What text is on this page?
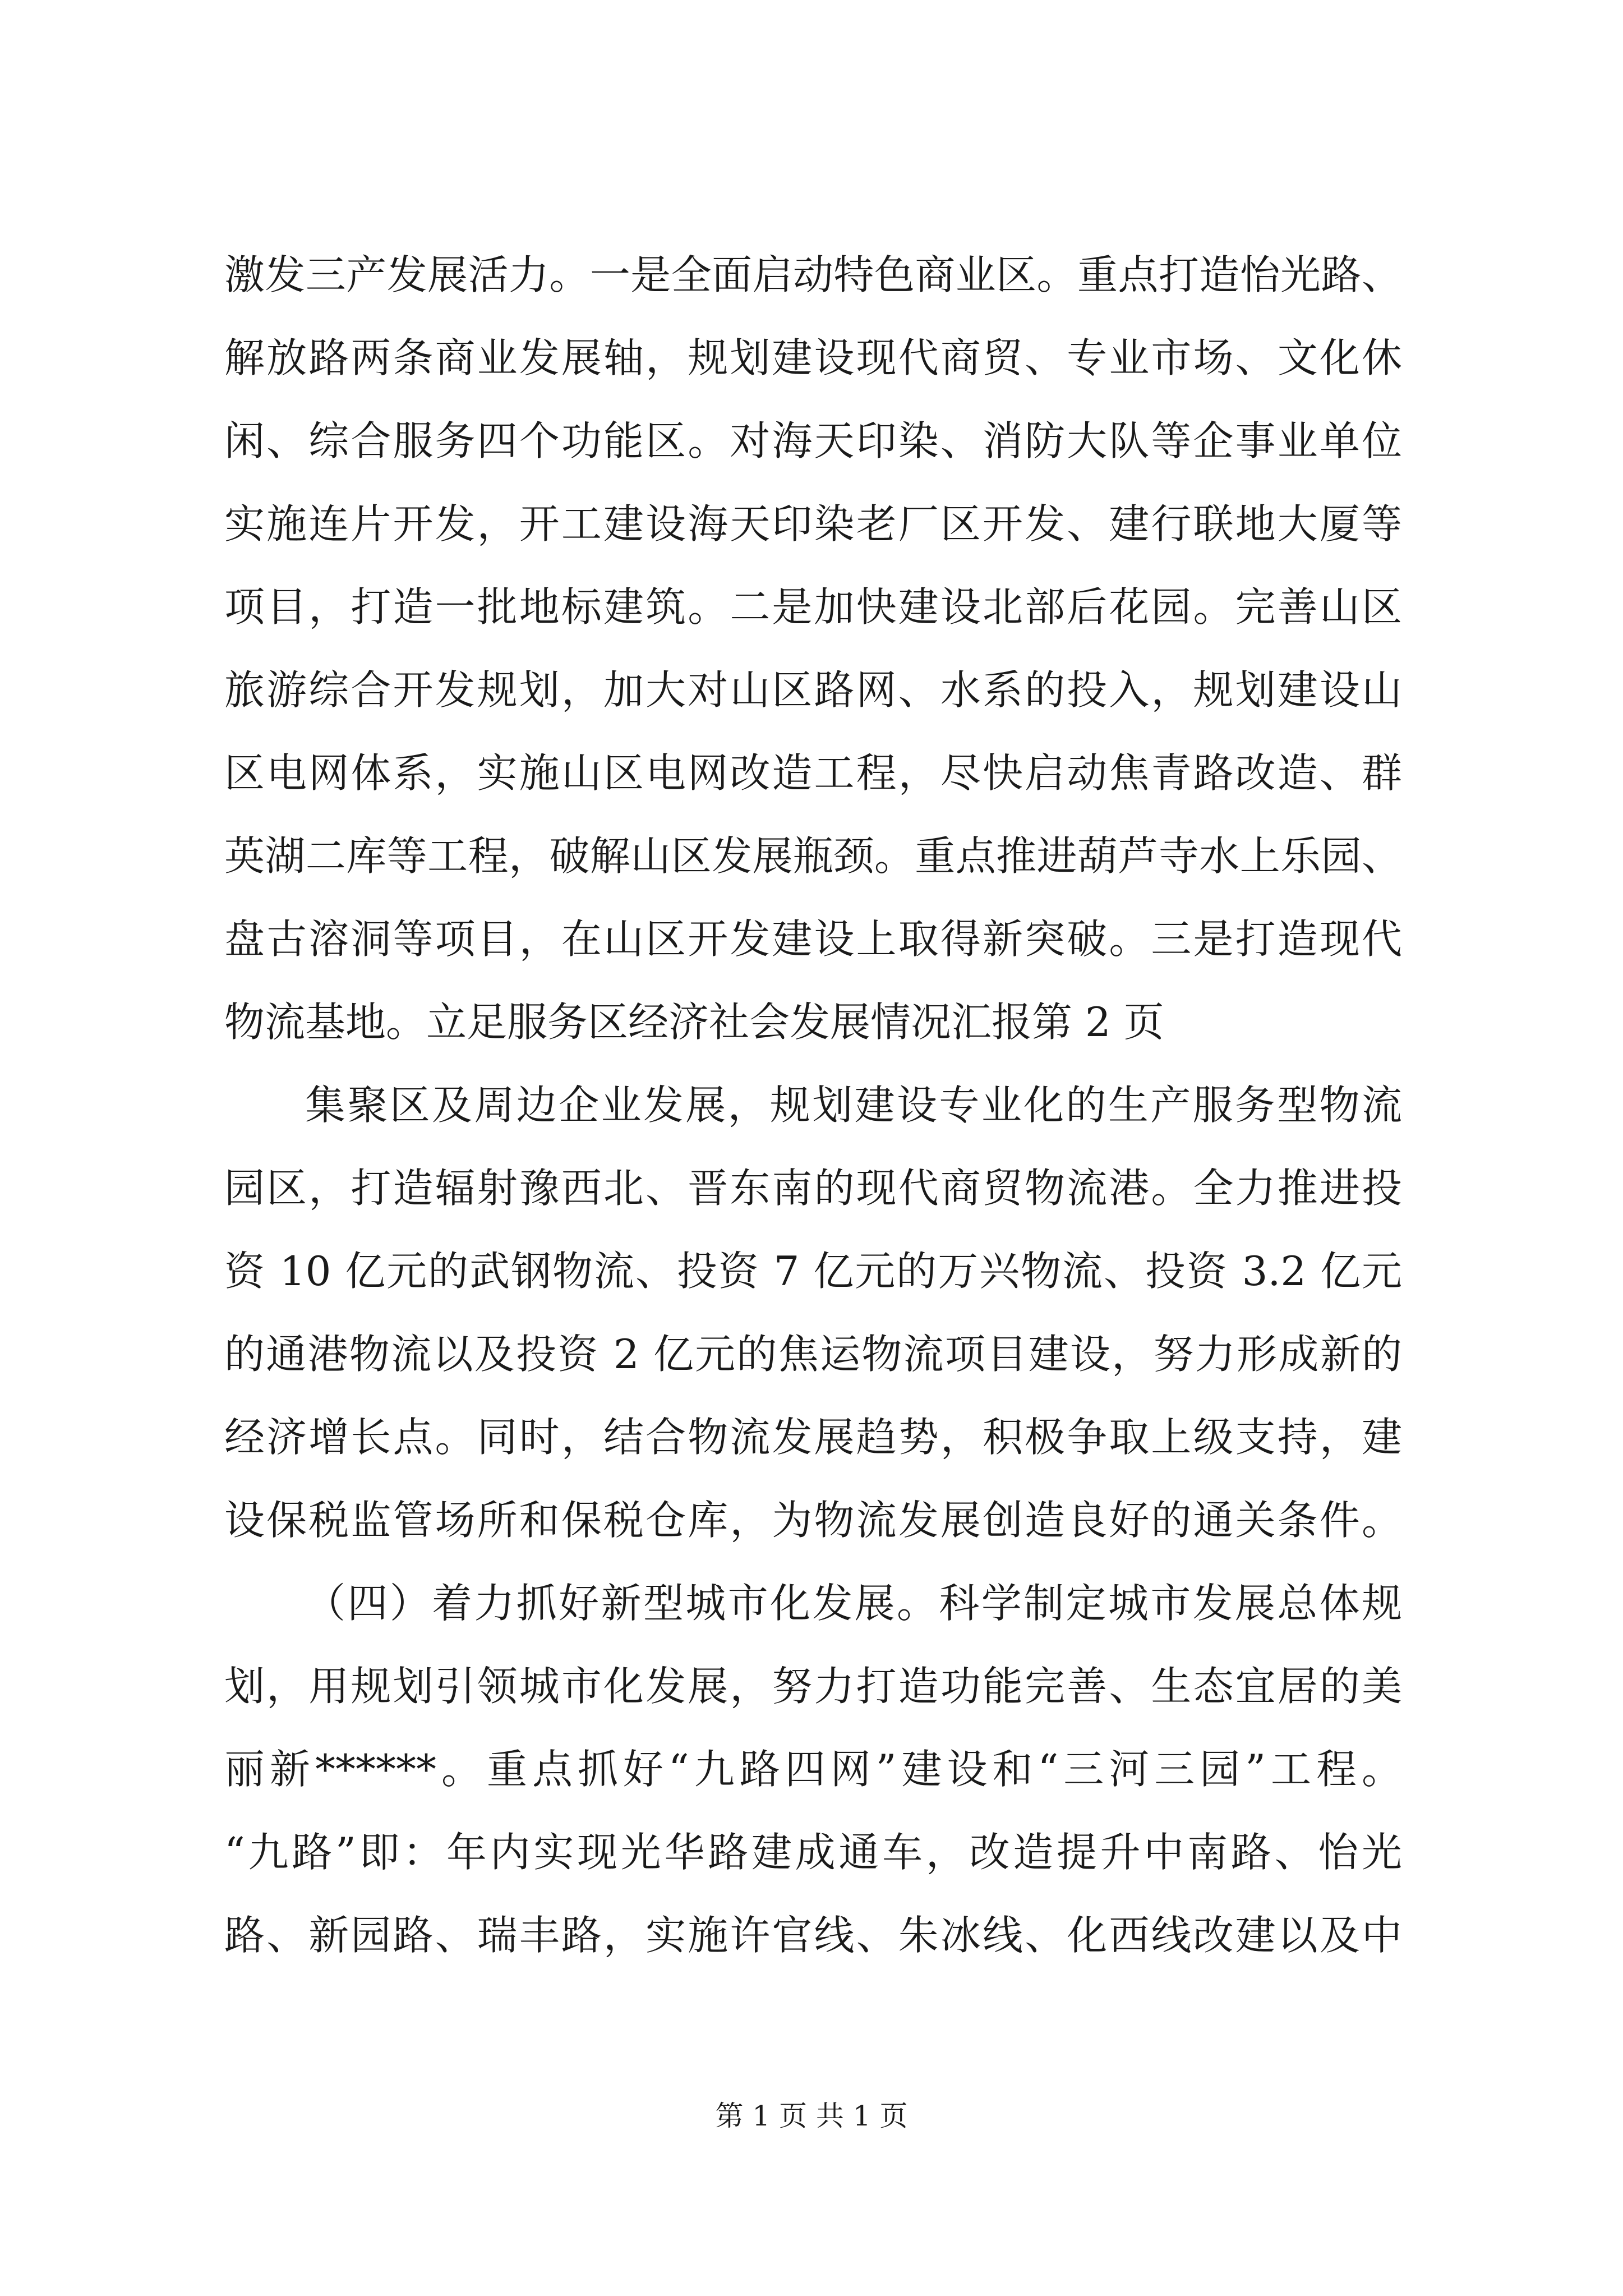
激发三产发展活力。一是全面启动特色商业区。重点打造怡光路、
解放路两条商业发展轴，规划建设现代商贸、专业市场、文化休
闲、综合服务四个功能区。对海天印染、消防大队等企事业单位
实施连片开发，开工建设海天印染老厂区开发、建行联地大厦等
项目，打造一批地标建筑。二是加快建设北部后花园。完善山区
旅游综合开发规划，加大对山区路网、水系的投入，规划建设山
区电网体系，实施山区电网改造工程，尽快启动焦青路改造、群
英湖二库等工程，破解山区发展瓶颈。重点推进葫芦寺水上乐园、
盘古溶洞等项目，在山区开发建设上取得新突破。三是打造现代
物流基地。立足服务区经济社会发展情况汇报第 2 页
集聚区及周边企业发展，规划建设专业化的生产服务型物流
园区，打造辐射豫西北、晋东南的现代商贸物流港。全力推进投
资 10 亿元的武钢物流、投资 7 亿元的万兴物流、投资 3.2 亿元
的通港物流以及投资 2 亿元的焦运物流项目建设，努力形成新的
经济增长点。同时，结合物流发展趋势，积极争取上级支持，建
设保税监管场所和保税仓库，为物流发展创造良好的通关条件。
（四）着力抓好新型城市化发展。科学制定城市发展总体规
划，用规划引领城市化发展，努力打造功能完善、生态宜居的美
丽新******。重点抓好“九路四网”建设和“三河三园”工程。
“九路”即：年内实现光华路建成通车，改造提升中南路、怡光
路、新园路、瑞丰路，实施许官线、朱冰线、化西线改建以及中
第 1 页 共 1 页
